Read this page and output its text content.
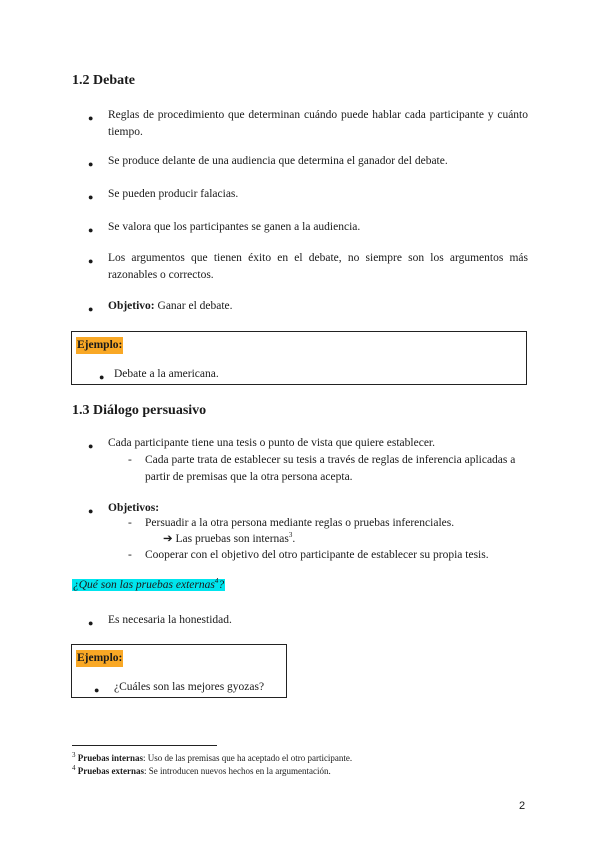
1.2 Debate
● Reglas de procedimiento que determinan cuándo puede hablar cada participante y cuánto tiempo.
● Se produce delante de una audiencia que determina el ganador del debate.
● Se pueden producir falacias.
● Se valora que los participantes se ganen a la audiencia.
● Los argumentos que tienen éxito en el debate, no siempre son los argumentos más razonables o correctos.
● Objetivo: Ganar el debate.
Ejemplo:
● Debate a la americana.
1.3 Diálogo persuasivo
● Cada participante tiene una tesis o punto de vista que quiere establecer.
- Cada parte trata de establecer su tesis a través de reglas de inferencia aplicadas a partir de premisas que la otra persona acepta.
● Objetivos:
- Persuadir a la otra persona mediante reglas o pruebas inferenciales.
➔ Las pruebas son internas$^3$.
- Cooperar con el objetivo del otro participante de establecer su propia tesis.
¿Qué son las pruebas externas$^4$?
● Es necesaria la honestidad.
Ejemplo:
● ¿Cuáles son las mejores gyozas?
$^3$ Pruebas internas: Uso de las premisas que ha aceptado el otro participante.
$^4$ Pruebas externas: Se introducen nuevos hechos en la argumentación.
2
